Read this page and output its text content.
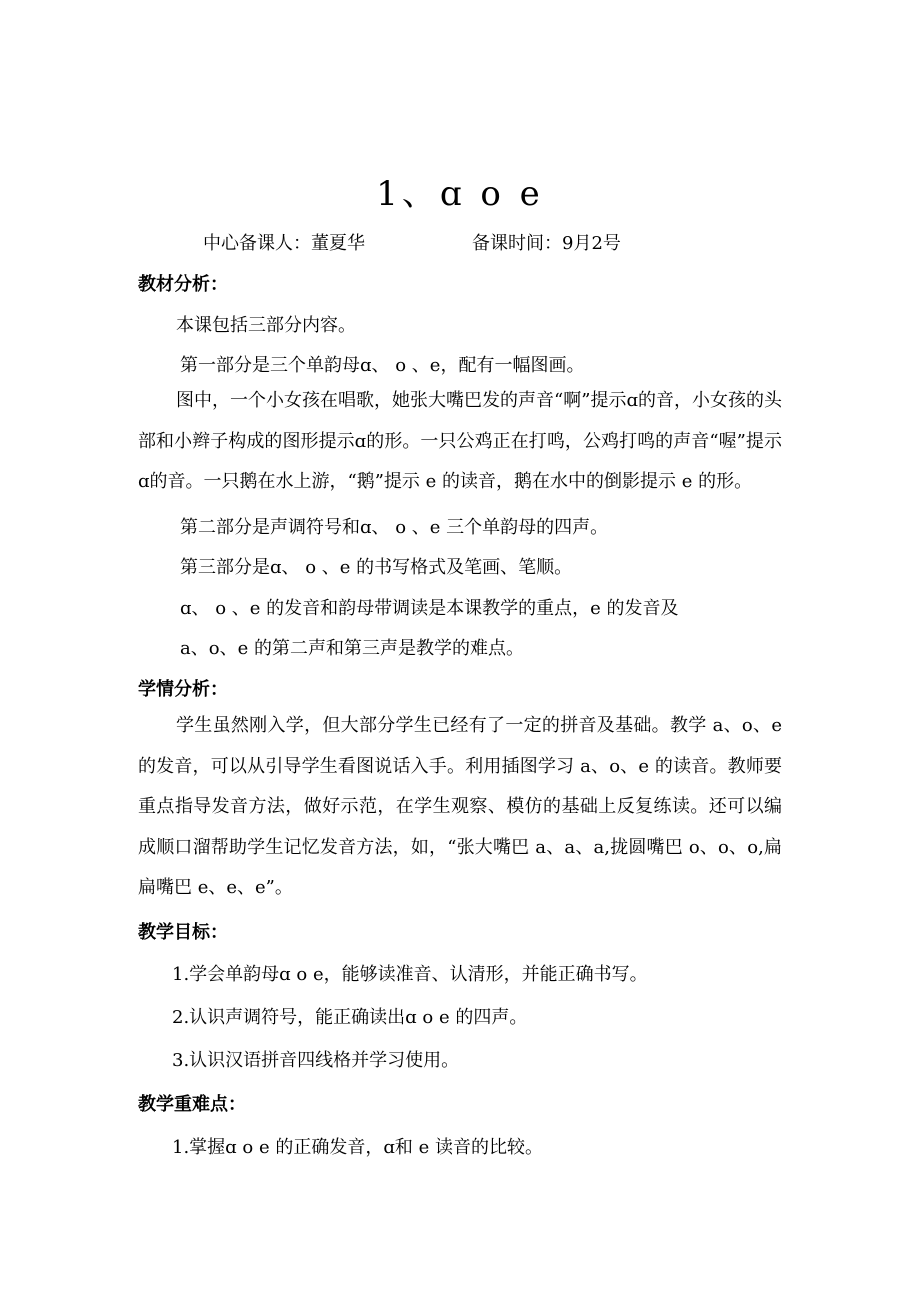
1、ɑ o e
中心备课人：董夏华	备课时间：9月2号
教材分析：
本课包括三部分内容。
第一部分是三个单韵母ɑ、 o 、e，配有一幅图画。
图中，一个小女孩在唱歌，她张大嘴巴发的声音“啊”提示ɑ的音，小女孩的头部和小辫子构成的图形提示ɑ的形。一只公鸡正在打鸣，公鸡打鸣的声音“喔”提示ɑ的音。一只鹅在水上游，“鹅”提示 e 的读音，鹅在水中的倒影提示 e 的形。
第二部分是声调符号和ɑ、 o 、e 三个单韵母的四声。
第三部分是ɑ、 o 、e 的书写格式及笔画、笔顺。
ɑ、 o 、e 的发音和韵母带调读是本课教学的重点，e 的发音及
a、o、e 的第二声和第三声是教学的难点。
学情分析：
学生虽然刚入学，但大部分学生已经有了一定的拼音及基础。教学 a、o、e 的发音，可以从引导学生看图说话入手。利用插图学习 a、o、e 的读音。教师要重点指导发音方法，做好示范，在学生观察、模仿的基础上反复练读。还可以编成顺口溜帮助学生记忆发音方法，如，“张大嘴巴 a、a、a,拢圆嘴巴 o、o、o,扁扁嘴巴 e、e、e”。
教学目标：
1.学会单韵母ɑ o e，能够读准音、认清形，并能正确书写。
2.认识声调符号，能正确读出ɑ o e 的四声。
3.认识汉语拼音四线格并学习使用。
教学重难点：
1.掌握ɑ o e 的正确发音，ɑ和 e 读音的比较。
